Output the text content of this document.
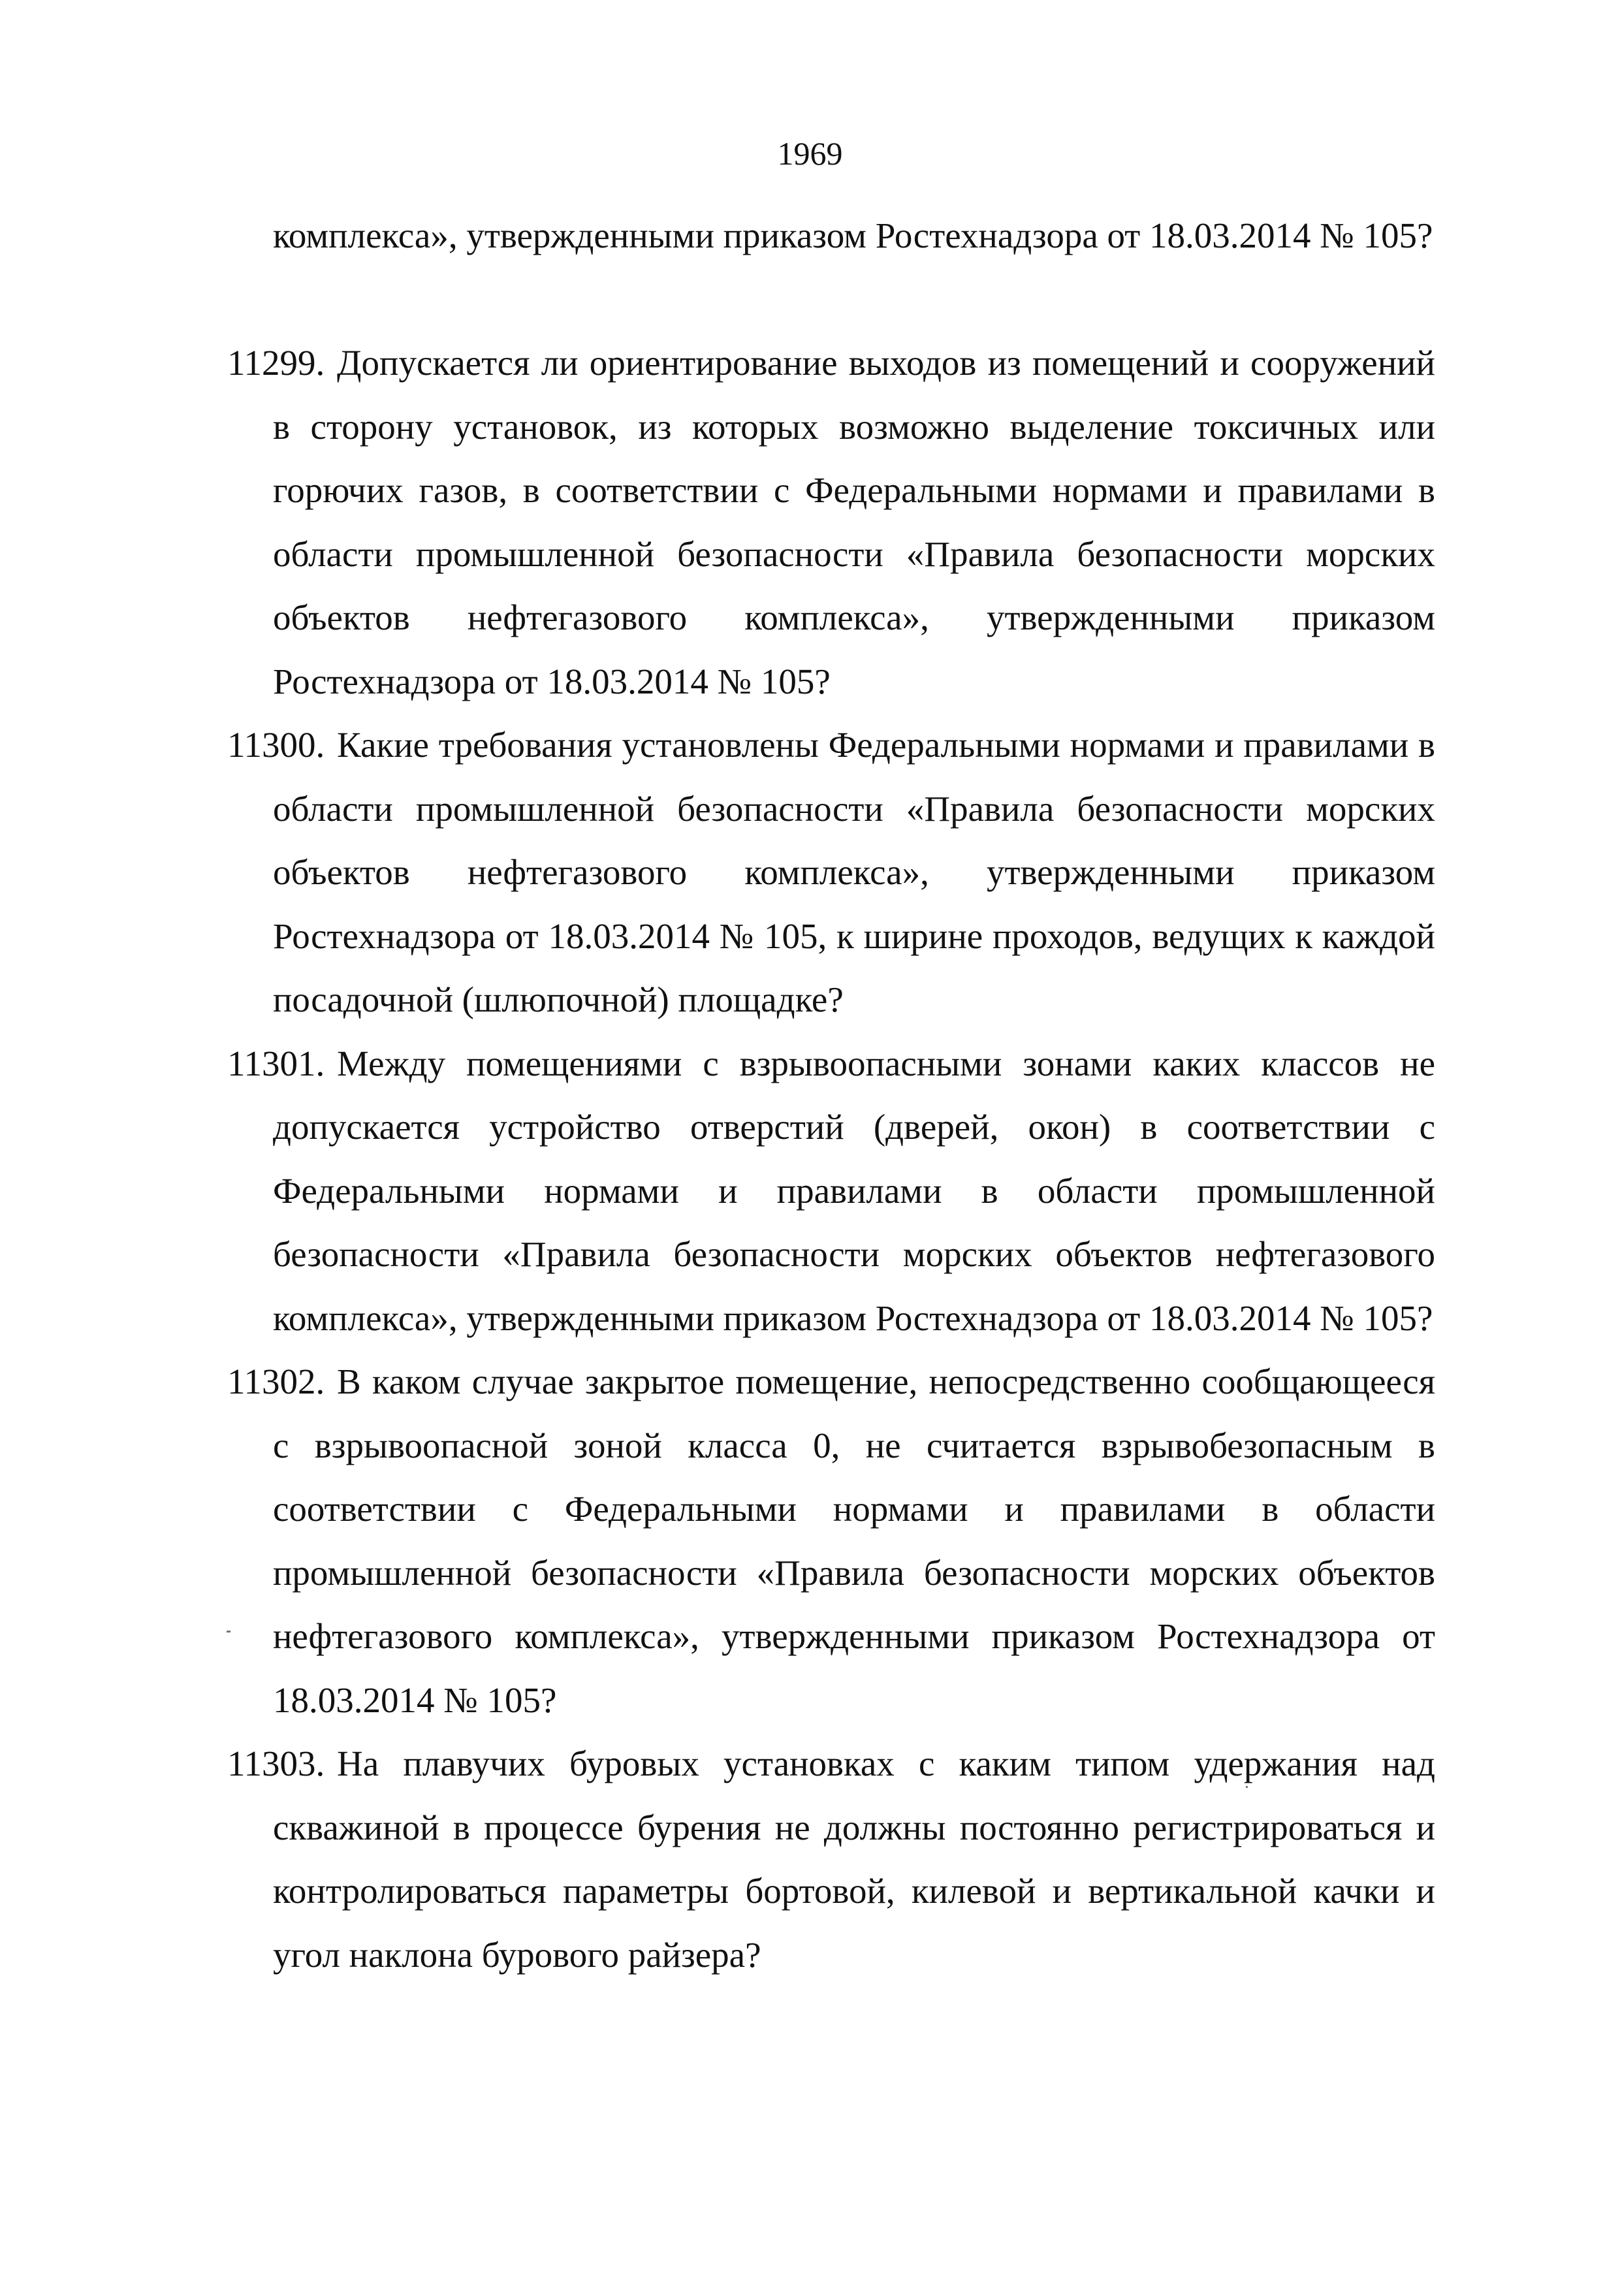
1969

комплекса», утвержденными приказом Ростехнадзора от 18.03.2014 № 105?

11299. Допускается ли ориентирование выходов из помещений и сооружений в сторону установок, из которых возможно выделение токсичных или горючих газов, в соответствии с Федеральными нормами и правилами в области промышленной безопасности «Правила безопасности морских объектов нефтегазового комплекса», утвержденными приказом Ростехнадзора от 18.03.2014 № 105?

11300. Какие требования установлены Федеральными нормами и правилами в области промышленной безопасности «Правила безопасности морских объектов нефтегазового комплекса», утвержденными приказом Ростехнадзора от 18.03.2014 № 105, к ширине проходов, ведущих к каждой посадочной (шлюпочной) площадке?

11301. Между помещениями с взрывоопасными зонами каких классов не допускается устройство отверстий (дверей, окон) в соответствии с Федеральными нормами и правилами в области промышленной безопасности «Правила безопасности морских объектов нефтегазового комплекса», утвержденными приказом Ростехнадзора от 18.03.2014 № 105?

11302. В каком случае закрытое помещение, непосредственно сообщающееся с взрывоопасной зоной класса 0, не считается взрывобезопасным в соответствии с Федеральными нормами и правилами в области промышленной безопасности «Правила безопасности морских объектов нефтегазового комплекса», утвержденными приказом Ростехнадзора от 18.03.2014 № 105?

11303. На плавучих буровых установках с каким типом удержания над скважиной в процессе бурения не должны постоянно регистрироваться и контролироваться параметры бортовой, килевой и вертикальной качки и угол наклона бурового райзера?
